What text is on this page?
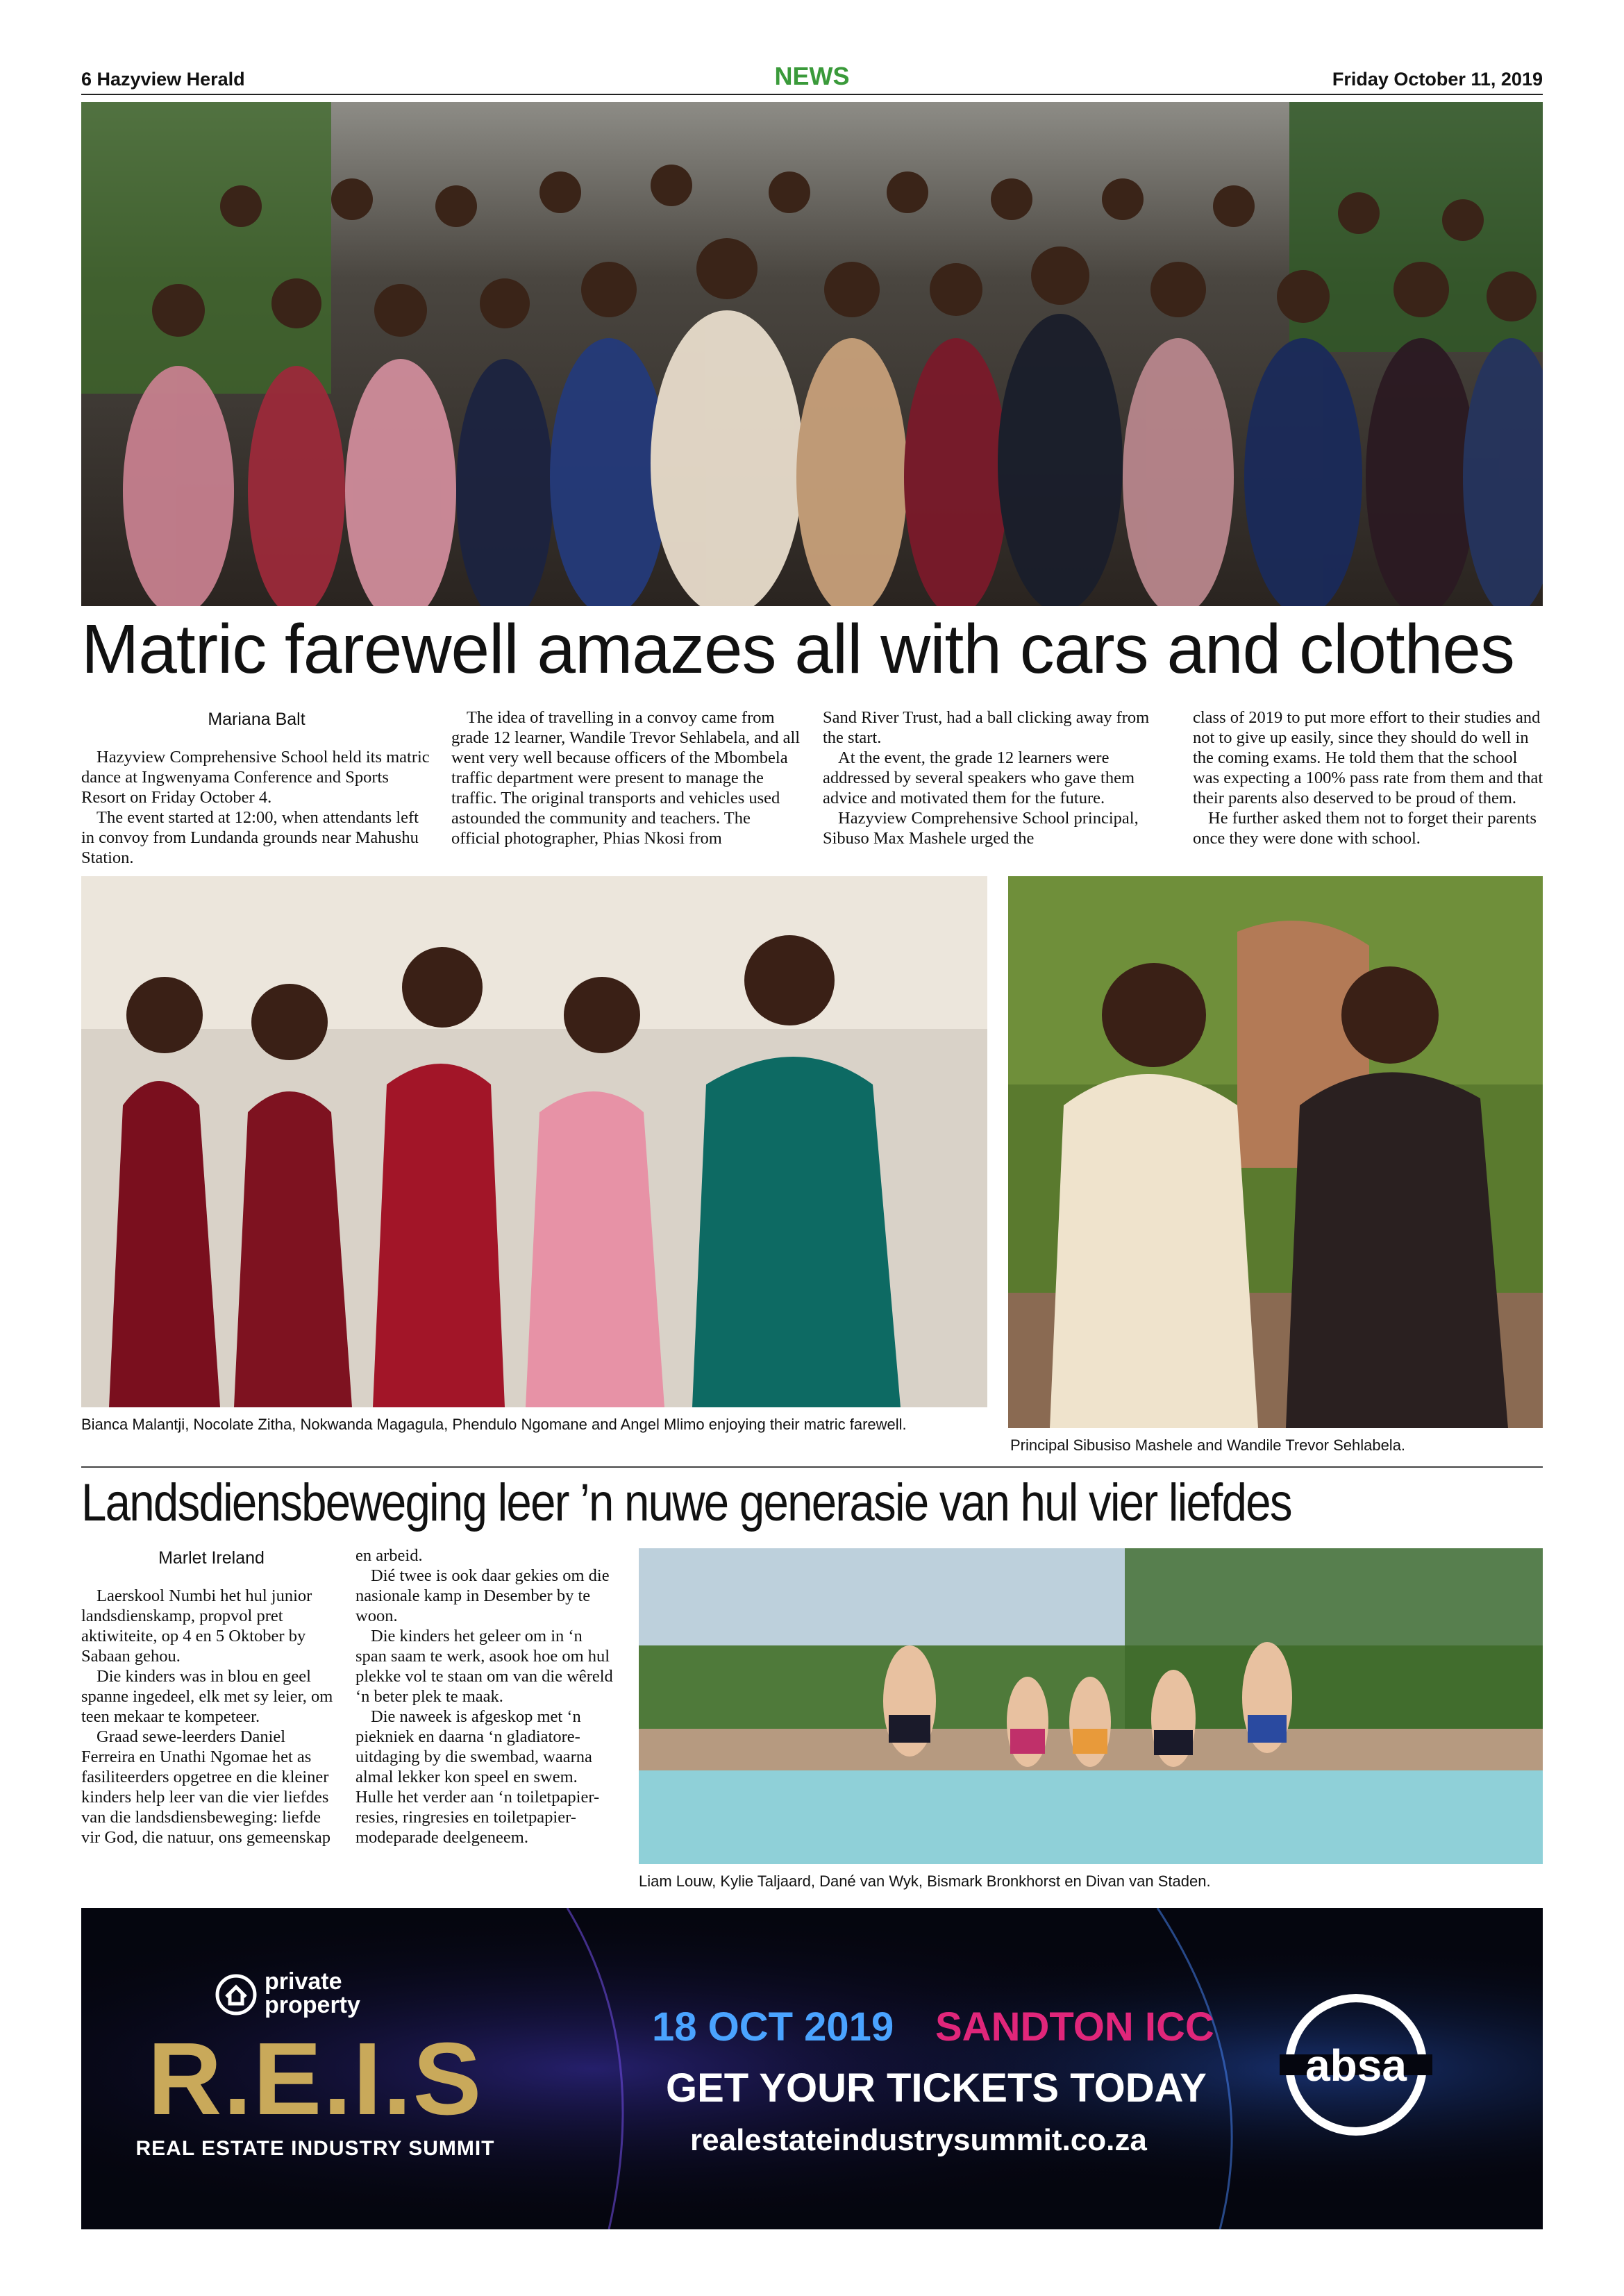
6 Hazyview Herald	NEWS	Friday October 11, 2019
Matric farewell amazes all with cars and clothes
Mariana Balt

Hazyview Comprehensive School held its matric dance at Ingwenyama Conference and Sports Resort on Friday October 4.

The event started at 12:00, when attendants left in convoy from Lundanda grounds near Mahushu Station.

The idea of travelling in a convoy came from grade 12 learner, Wandile Trevor Sehlabela, and all went very well because officers of the Mbombela traffic department were present to manage the traffic. The original transports and vehicles used astounded the community and teachers. The official photographer, Phias Nkosi from

Sand River Trust, had a ball clicking away from the start.

At the event, the grade 12 learners were addressed by several speakers who gave them advice and motivated them for the future.

Hazyview Comprehensive School principal, Sibuso Max Mashele urged the

class of 2019 to put more effort to their studies and not to give up easily, since they should do well in the coming exams. He told them that the school was expecting a 100% pass rate from them and that their parents also deserved to be proud of them.

He further asked them not to forget their parents once they were done with school.

Bianca Malantji, Nocolate Zitha, Nokwanda Magagula, Phendulo Ngomane and Angel Mlimo enjoying their matric farewell.
Principal Sibusiso Mashele and Wandile Trevor Sehlabela.
Landsdiensbeweging leer ’n nuwe generasie van hul vier liefdes
Marlet Ireland

Laerskool Numbi het hul junior landsdienskamp, propvol pret aktiwiteite, op 4 en 5 Oktober by Sabaan gehou.

Die kinders was in blou en geel spanne ingedeel, elk met sy leier, om teen mekaar te kompeteer.

Graad sewe-leerders Daniel Ferreira en Unathi Ngomae het as fasiliteerders opgetree en die kleiner kinders help leer van die vier liefdes van die landsdiensbeweging: liefde vir God, die natuur, ons gemeenskap

en arbeid.

Dié twee is ook daar gekies om die nasionale kamp in Desember by te woon.

Die kinders het geleer om in ‘n span saam te werk, asook hoe om hul plekke vol te staan om van die wêreld ‘n beter plek te maak.

Die naweek is afgeskop met ‘n piekniek en daarna ‘n gladiatore-uitdaging by die swembad, waarna almal lekker kon speel en swem. Hulle het verder aan ‘n toiletpapier-resies, ringresies en toiletpapier-modeparade deelgeneem.

Liam Louw, Kylie Taljaard, Dané van Wyk, Bismark Bronkhorst en Divan van Staden.
private
property
R.E.I.S
REAL ESTATE INDUSTRY SUMMIT
18 OCT 2019 SANDTON ICC
GET YOUR TICKETS TODAY
realestateindustrysummit.co.za
absa
